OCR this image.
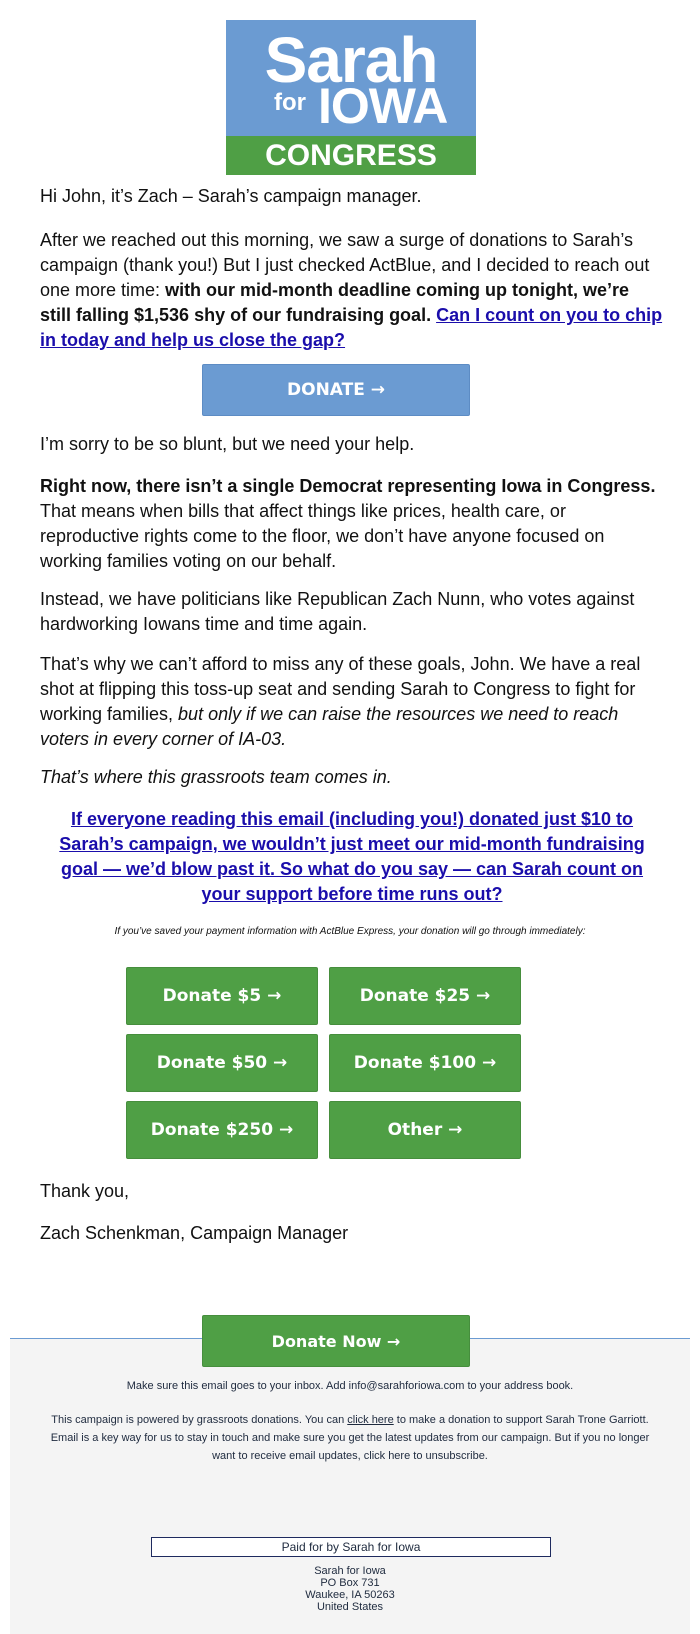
Sarah
for IOWA
CONGRESS

Hi John, it’s Zach – Sarah’s campaign manager.

After we reached out this morning, we saw a surge of donations to Sarah’s campaign (thank you!) But I just checked ActBlue, and I decided to reach out one more time: with our mid-month deadline coming up tonight, we’re still falling $1,536 shy of our fundraising goal. Can I count on you to chip in today and help us close the gap?

DONATE →

I’m sorry to be so blunt, but we need your help.

Right now, there isn’t a single Democrat representing Iowa in Congress. That means when bills that affect things like prices, health care, or reproductive rights come to the floor, we don’t have anyone focused on working families voting on our behalf.

Instead, we have politicians like Republican Zach Nunn, who votes against hardworking Iowans time and time again.

That’s why we can’t afford to miss any of these goals, John. We have a real shot at flipping this toss-up seat and sending Sarah to Congress to fight for working families, but only if we can raise the resources we need to reach voters in every corner of IA-03.

That’s where this grassroots team comes in.

If everyone reading this email (including you!) donated just $10 to Sarah’s campaign, we wouldn’t just meet our mid-month fundraising goal — we’d blow past it. So what do you say — can Sarah count on your support before time runs out?
If you’ve saved your payment information with ActBlue Express, your donation will go through immediately:
Donate $5 →	Donate $25 →
Donate $50 →	Donate $100 →
Donate $250 →	Other →

Thank you,

Zach Schenkman, Campaign Manager

Donate Now →
Make sure this email goes to your inbox. Add info@sarahforiowa.com to your address book.
This campaign is powered by grassroots donations. You can click here to make a donation to support Sarah Trone Garriott. Email is a key way for us to stay in touch and make sure you get the latest updates from our campaign. But if you no longer want to receive email updates, click here to unsubscribe.
Paid for by Sarah for Iowa
Sarah for Iowa
PO Box 731
Waukee, IA 50263
United States
